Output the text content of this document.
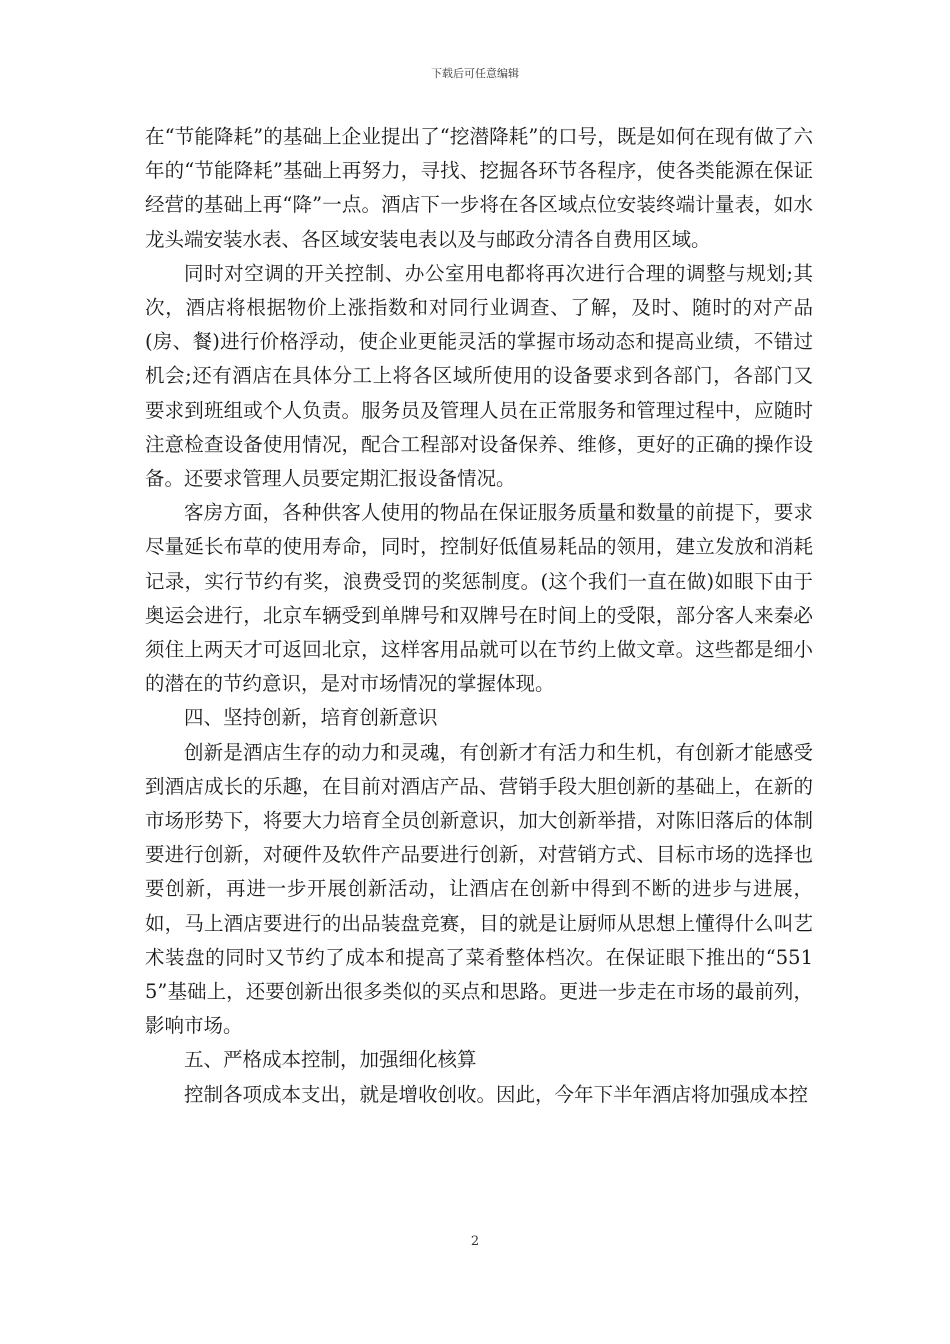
下载后可任意编辑

在“节能降耗”的基础上企业提出了“挖潜降耗”的口号，既是如何在现有做了六年的“节能降耗”基础上再努力，寻找、挖掘各环节各程序，使各类能源在保证经营的基础上再“降”一点。酒店下一步将在各区域点位安装终端计量表，如水龙头端安装水表、各区域安装电表以及与邮政分清各自费用区域。

同时对空调的开关控制、办公室用电都将再次进行合理的调整与规划;其次，酒店将根据物价上涨指数和对同行业调查、了解，及时、随时的对产品(房、餐)进行价格浮动，使企业更能灵活的掌握市场动态和提高业绩，不错过机会;还有酒店在具体分工上将各区域所使用的设备要求到各部门，各部门又要求到班组或个人负责。服务员及管理人员在正常服务和管理过程中，应随时注意检查设备使用情况，配合工程部对设备保养、维修，更好的正确的操作设备。还要求管理人员要定期汇报设备情况。

客房方面，各种供客人使用的物品在保证服务质量和数量的前提下，要求尽量延长布草的使用寿命，同时，控制好低值易耗品的领用，建立发放和消耗记录，实行节约有奖，浪费受罚的奖惩制度。(这个我们一直在做)如眼下由于奥运会进行，北京车辆受到单牌号和双牌号在时间上的受限，部分客人来秦必须住上两天才可返回北京，这样客用品就可以在节约上做文章。这些都是细小的潜在的节约意识，是对市场情况的掌握体现。

四、坚持创新，培育创新意识

创新是酒店生存的动力和灵魂，有创新才有活力和生机，有创新才能感受到酒店成长的乐趣，在目前对酒店产品、营销手段大胆创新的基础上，在新的市场形势下，将要大力培育全员创新意识，加大创新举措，对陈旧落后的体制要进行创新，对硬件及软件产品要进行创新，对营销方式、目标市场的选择也要创新，再进一步开展创新活动，让酒店在创新中得到不断的进步与进展，如，马上酒店要进行的出品装盘竞赛，目的就是让厨师从思想上懂得什么叫艺术装盘的同时又节约了成本和提高了菜肴整体档次。在保证眼下推出的“5515”基础上，还要创新出很多类似的买点和思路。更进一步走在市场的最前列，影响市场。

五、严格成本控制，加强细化核算

控制各项成本支出，就是增收创收。因此，今年下半年酒店将加强成本控

2
